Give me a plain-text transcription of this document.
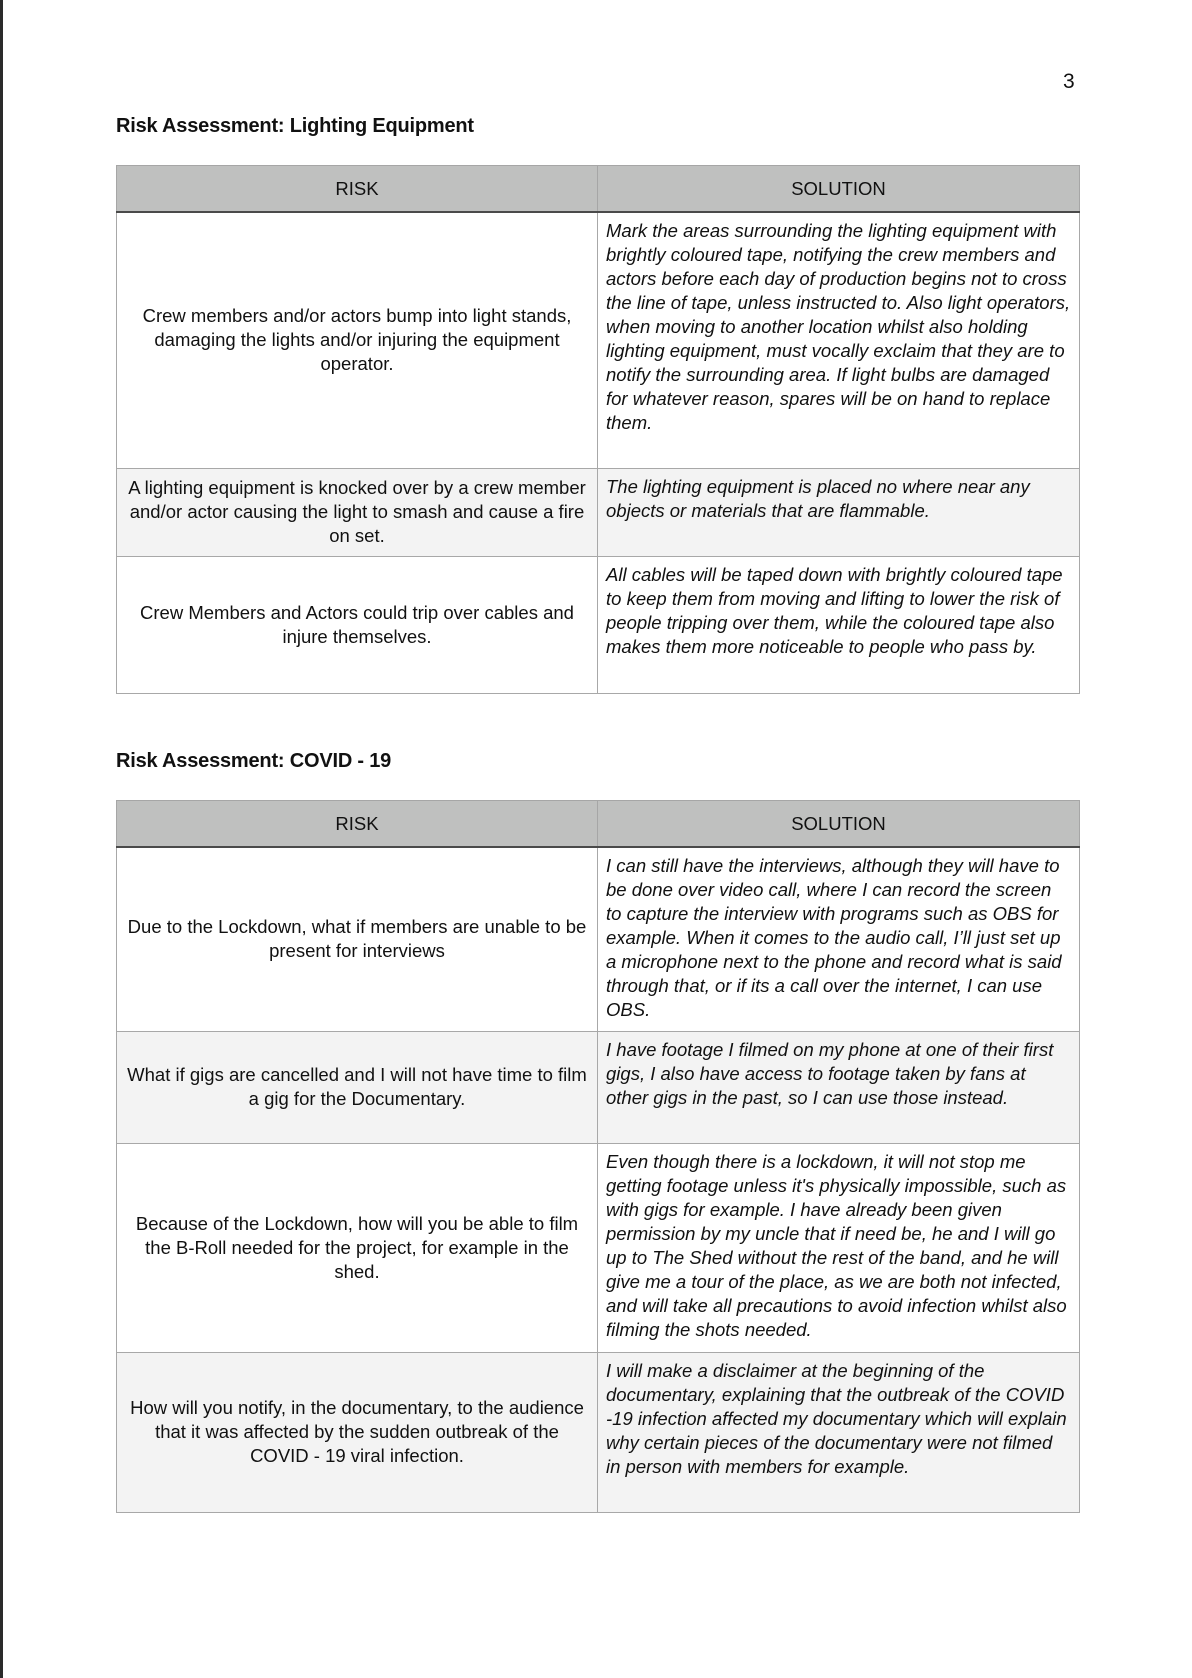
3
Risk Assessment: Lighting Equipment
RISK	SOLUTION
Crew members and/or actors bump into light stands, damaging the lights and/or injuring the equipment operator.	Mark the areas surrounding the lighting equipment with brightly coloured tape, notifying the crew members and actors before each day of production begins not to cross the line of tape, unless instructed to. Also light operators, when moving to another location whilst also holding lighting equipment, must vocally exclaim that they are to notify the surrounding area. If light bulbs are damaged for whatever reason, spares will be on hand to replace them.
A lighting equipment is knocked over by a crew member and/or actor causing the light to smash and cause a fire on set.	The lighting equipment is placed no where near any objects or materials that are flammable.
Crew Members and Actors could trip over cables and injure themselves.	All cables will be taped down with brightly coloured tape to keep them from moving and lifting to lower the risk of people tripping over them, while the coloured tape also makes them more noticeable to people who pass by.
Risk Assessment: COVID - 19
RISK	SOLUTION
Due to the Lockdown, what if members are unable to be present for interviews	I can still have the interviews, although they will have to be done over video call, where I can record the screen to capture the interview with programs such as OBS for example. When it comes to the audio call, I’ll just set up a microphone next to the phone and record what is said through that, or if its a call over the internet, I can use OBS.
What if gigs are cancelled and I will not have time to film a gig for the Documentary.	I have footage I filmed on my phone at one of their first gigs, I also have access to footage taken by fans at other gigs in the past, so I can use those instead.
Because of the Lockdown, how will you be able to film the B-Roll needed for the project, for example in the shed.	Even though there is a lockdown, it will not stop me getting footage unless it's physically impossible, such as with gigs for example. I have already been given permission by my uncle that if need be, he and I will go up to The Shed without the rest of the band, and he will give me a tour of the place, as we are both not infected, and will take all precautions to avoid infection whilst also filming the shots needed.
How will you notify, in the documentary, to the audience that it was affected by the sudden outbreak of the COVID - 19 viral infection.	I will make a disclaimer at the beginning of the documentary, explaining that the outbreak of the COVID -19 infection affected my documentary which will explain why certain pieces of the documentary were not filmed in person with members for example.
